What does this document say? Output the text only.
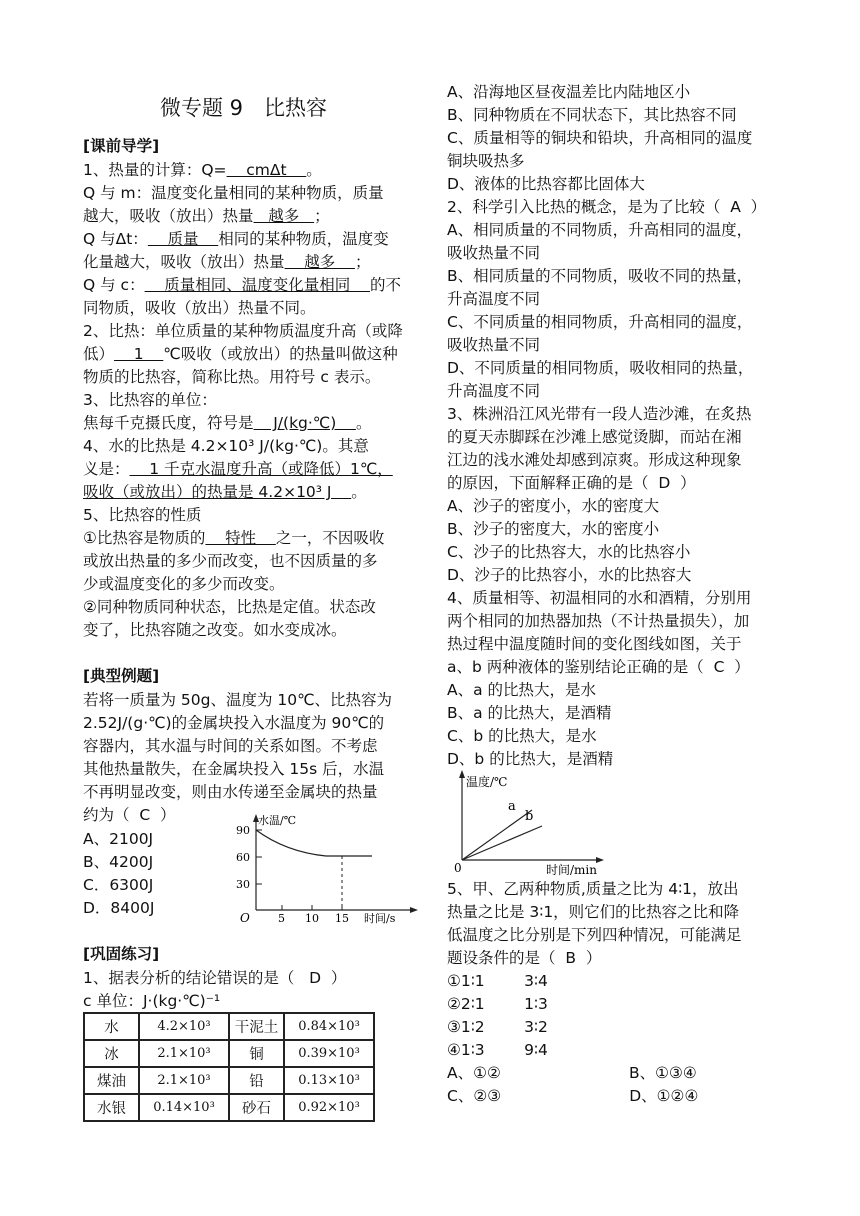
微专题 9　比热容
[课前导学]
1、热量的计算：Q=    cmΔt    。
Q 与 m：温度变化量相同的某种物质，质量
越大，吸收（放出）热量   越多   ；
Q 与Δt：    质量    相同的某种物质，温度变
化量越大，吸收（放出）热量    越多    ；
Q 与 c：    质量相同、温度变化量相同    的不
同物质，吸收（放出）热量不同。
2、比热：单位质量的某种物质温度升高（或降
低）    1    ℃吸收（或放出）的热量叫做这种
物质的比热容，简称比热。用符号 c 表示。
3、比热容的单位：
焦每千克摄氏度，符号是    J/(kg·℃)    。
4、水的比热是 4.2×10³ J/(kg·℃)。其意
义是：    1 千克水温度升高（或降低）1℃，
吸收（或放出）的热量是 4.2×10³ J    。
5、比热容的性质
①比热容是物质的    特性    之一，不因吸收
或放出热量的多少而改变，也不因质量的多
少或温度变化的多少而改变。
②同种物质同种状态，比热是定值。状态改
变了，比热容随之改变。如水变成冰。
[典型例题]
若将一质量为 50g、温度为 10℃、比热容为
2.52J/(g·℃)的金属块投入水温度为 90℃的
容器内，其水温与时间的关系如图。不考虑
其他热量散失，在金属块投入 15s 后，水温
不再明显改变，则由水传递至金属块的热量
约为（  C  ）
A、2100J
B、4200J
C．6300J
D．8400J
[巩固练习]
1、据表分析的结论错误的是（   D  ）
c 单位：J·(kg·℃)⁻¹
A、沿海地区昼夜温差比内陆地区小
B、同种物质在不同状态下，其比热容不同
C、质量相等的铜块和铅块，升高相同的温度
铜块吸热多
D、液体的比热容都比固体大
2、科学引入比热的概念，是为了比较（  A  ）
A、相同质量的不同物质，升高相同的温度，
吸收热量不同
B、相同质量的不同物质，吸收不同的热量，
升高温度不同
C、不同质量的相同物质，升高相同的温度，
吸收热量不同
D、不同质量的相同物质，吸收相同的热量，
升高温度不同
3、株洲沿江风光带有一段人造沙滩，在炙热
的夏天赤脚踩在沙滩上感觉烫脚，而站在湘
江边的浅水滩处却感到凉爽。形成这种现象
的原因，下面解释正确的是（  D  ）
A、沙子的密度小，水的密度大
B、沙子的密度大，水的密度小
C、沙子的比热容大，水的比热容小
D、沙子的比热容小，水的比热容大
4、质量相等、初温相同的水和酒精，分别用
两个相同的加热器加热（不计热量损失），加
热过程中温度随时间的变化图线如图，关于
a、b 两种液体的鉴别结论正确的是（  C  ）
A、a 的比热大，是水
B、a 的比热大，是酒精
C、b 的比热大，是水
D、b 的比热大，是酒精
5、甲、乙两种物质,质量之比为 4∶1，放出
热量之比是 3∶1，则它们的比热容之比和降
低温度之比分别是下列四种情况，可能满足
题设条件的是（  B  ）
①1∶1        3∶4
②2∶1        1∶3
③1∶2        3∶2
④1∶3        9∶4
A、①②                          B、①③④
C、②③                          D、①②④
水温/℃
90
60
30
O	5 10 15 时间/s
温度/℃
a
b
0	时间/min
水	4.2×10³	干泥土	0.84×10³
冰	2.1×10³	铜	0.39×10³
煤油	2.1×10³	铅	0.13×10³
水银	0.14×10³	砂石	0.92×10³
